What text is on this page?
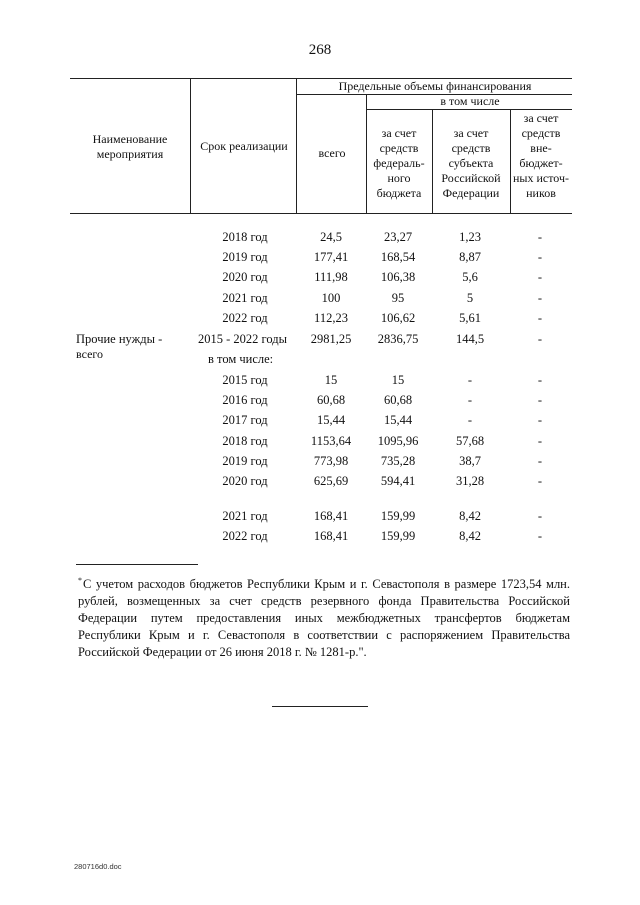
268
Наименование мероприятия
Срок реализации
Предельные объемы финансирования
всего
в том числе
за счет средств федераль-ного бюджета
за счет средств субъекта Российской Федерации
за счет средств вне-бюджет-ных источ-ников
2018 год	24,5	23,27	1,23	-
2019 год	177,41	168,54	8,87	-
2020 год	111,98	106,38	5,6	-
2021 год	100	95	5	-
2022 год	112,23	106,62	5,61	-
Прочие нужды -
всего
2015 - 2022 годы	2981,25	2836,75	144,5	-
в том числе:
2015 год	15	15	-	-
2016 год	60,68	60,68	-	-
2017 год	15,44	15,44	-	-
2018 год	1153,64	1095,96	57,68	-
2019 год	773,98	735,28	38,7	-
2020 год	625,69	594,41	31,28	-
2021 год	168,41	159,99	8,42	-
2022 год	168,41	159,99	8,42	-
*С учетом расходов бюджетов Республики Крым и г. Севастополя в размере 1723,54 млн. рублей, возмещенных за счет средств резервного фонда Правительства Российской Федерации путем предоставления иных межбюджетных трансфертов бюджетам Республики Крым и г. Севастополя в соответствии с распоряжением Правительства Российской Федерации от 26 июня 2018 г. № 1281-р.".
280716d0.doc
